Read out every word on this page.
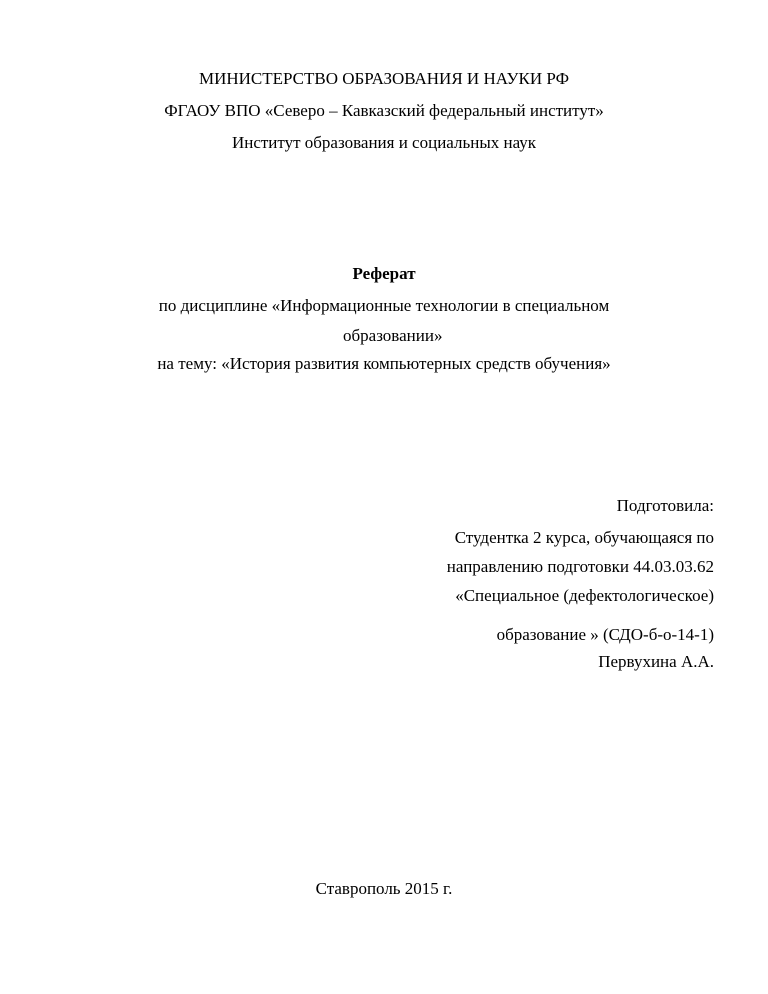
МИНИСТЕРСТВО ОБРАЗОВАНИЯ И НАУКИ РФ
ФГАОУ ВПО «Северо – Кавказский федеральный институт»
Институт образования и социальных наук
Реферат
по дисциплине «Информационные технологии в специальном
образовании»
на тему: «История развития компьютерных средств обучения»
Подготовила:
Студентка 2 курса, обучающаяся по
направлению подготовки 44.03.03.62
«Специальное (дефектологическое)
образование » (СДО-б-о-14-1)
Первухина А.А.
Ставрополь 2015 г.
